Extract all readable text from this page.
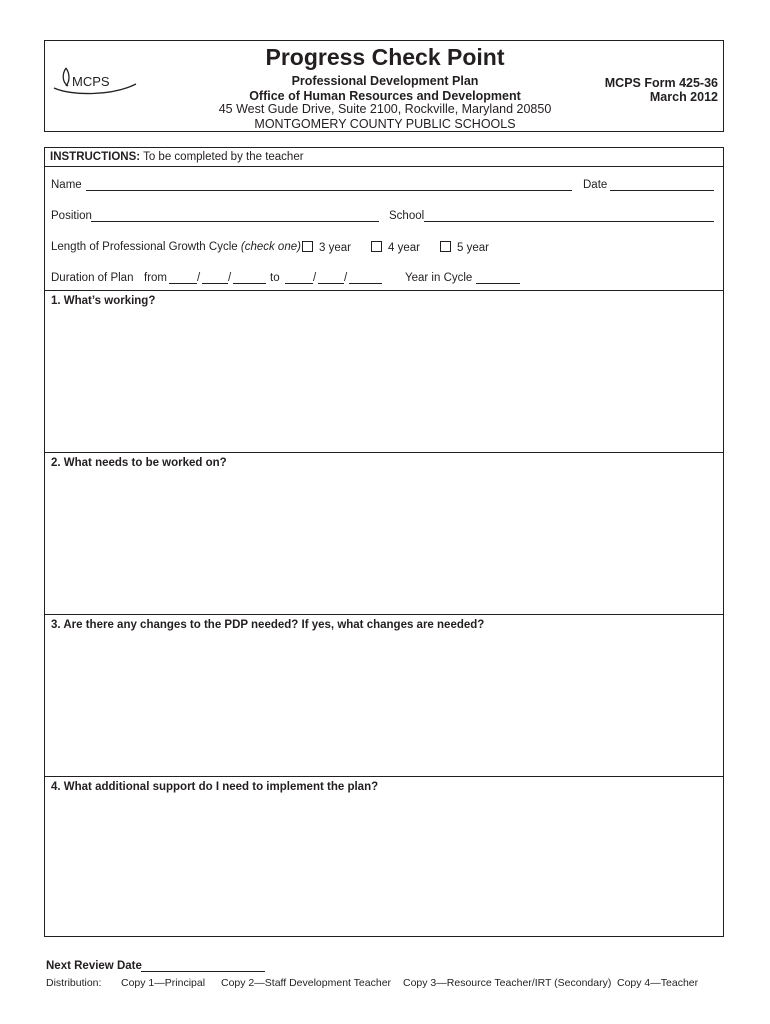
MCPS
Progress Check Point
Professional Development Plan
Office of Human Resources and Development
45 West Gude Drive, Suite 2100, Rockville, Maryland 20850
MONTGOMERY COUNTY PUBLIC SCHOOLS
MCPS Form 425-36
March 2012
INSTRUCTIONS: To be completed by the teacher
Name	Date
Position	School
Length of Professional Growth Cycle (check one)	3 year	4 year	5 year
Duration of Plan from	/ /	to	/ /	Year in Cycle
1. What’s working?
2. What needs to be worked on?
3. Are there any changes to the PDP needed? If yes, what changes are needed?
4. What additional support do I need to implement the plan?
Next Review Date
Distribution: Copy 1—Principal Copy 2—Staff Development Teacher Copy 3—Resource Teacher/IRT (Secondary) Copy 4—Teacher
